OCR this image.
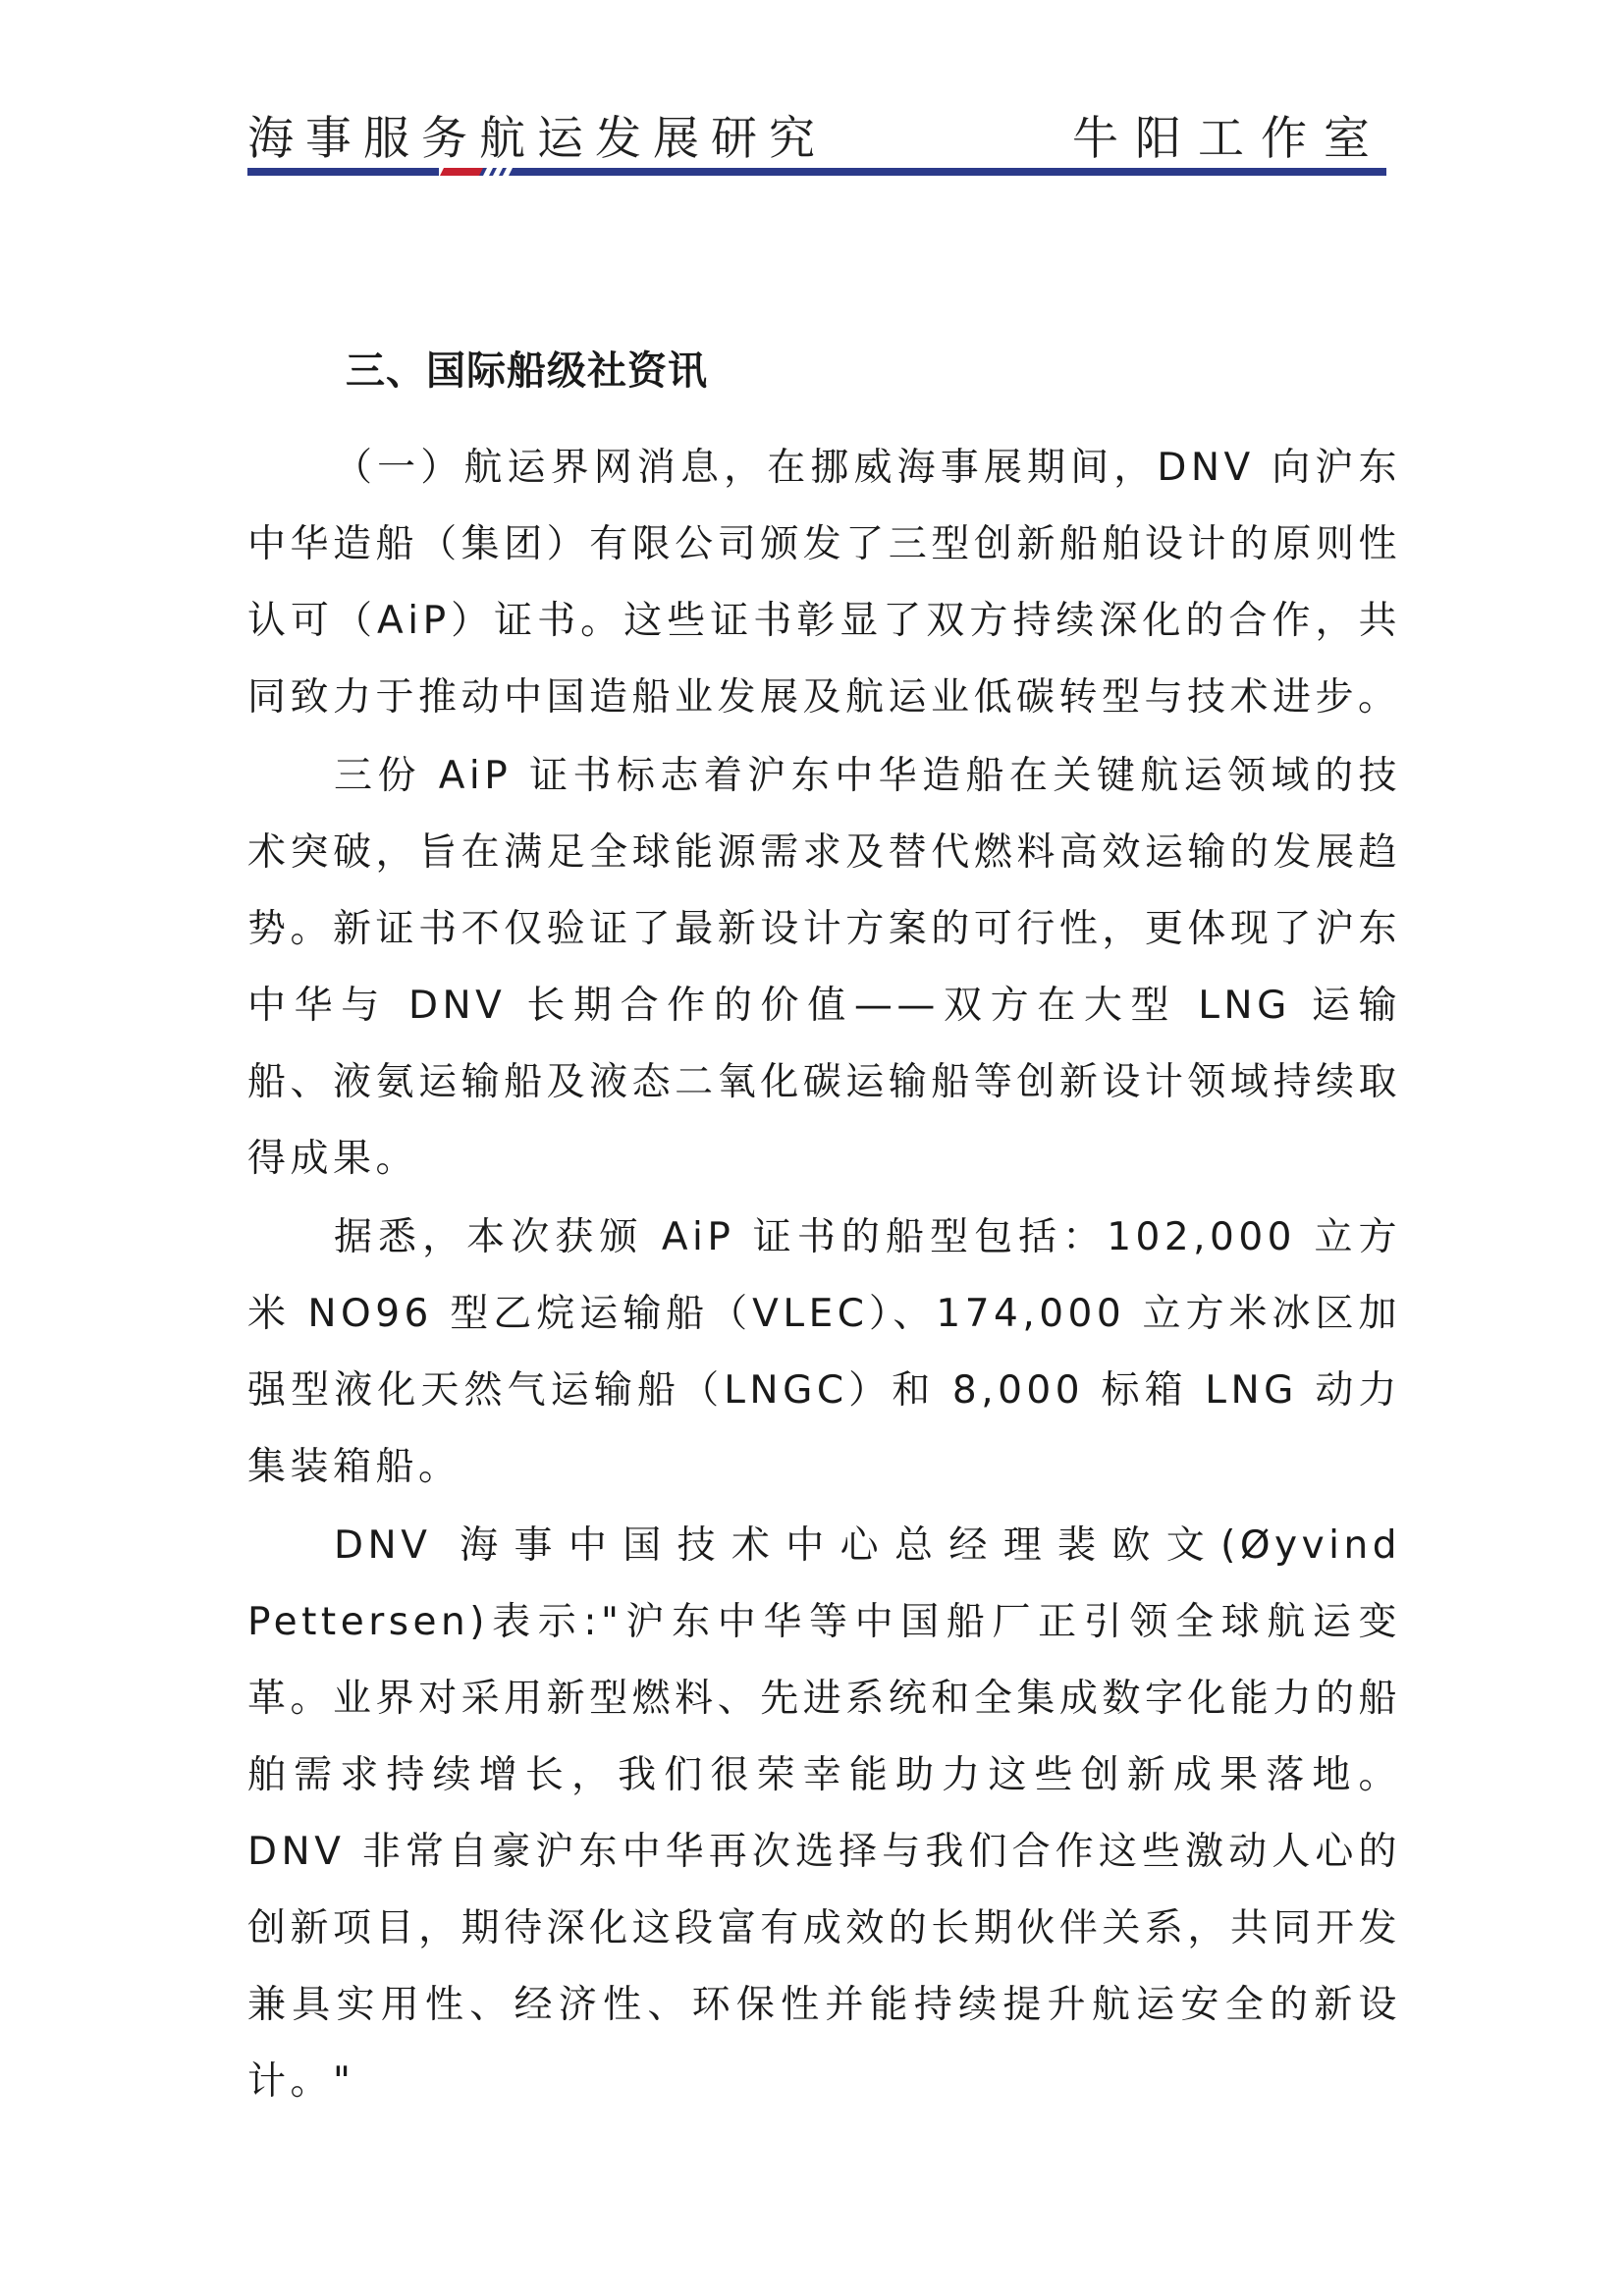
海事服务航运发展研究	牛阳工作室
三、国际船级社资讯

（一）航运界网消息，在挪威海事展期间，DNV 向沪东中华造船（集团）有限公司颁发了三型创新船舶设计的原则性认可（AiP）证书。这些证书彰显了双方持续深化的合作，共同致力于推动中国造船业发展及航运业低碳转型与技术进步。

三份 AiP 证书标志着沪东中华造船在关键航运领域的技术突破，旨在满足全球能源需求及替代燃料高效运输的发展趋势。新证书不仅验证了最新设计方案的可行性，更体现了沪东中华与 DNV 长期合作的价值——双方在大型 LNG 运输船、液氨运输船及液态二氧化碳运输船等创新设计领域持续取得成果。

据悉，本次获颁 AiP 证书的船型包括：102,000 立方米 NO96 型乙烷运输船（VLEC）、174,000 立方米冰区加强型液化天然气运输船（LNGC）和 8,000 标箱 LNG 动力集装箱船。

DNV 海事中国技术中心总经理裴欧文(Øyvind Pettersen)表示:"沪东中华等中国船厂正引领全球航运变革。业界对采用新型燃料、先进系统和全集成数字化能力的船舶需求持续增长，我们很荣幸能助力这些创新成果落地。DNV 非常自豪沪东中华再次选择与我们合作这些激动人心的创新项目，期待深化这段富有成效的长期伙伴关系，共同开发兼具实用性、经济性、环保性并能持续提升航运安全的新设计。"
